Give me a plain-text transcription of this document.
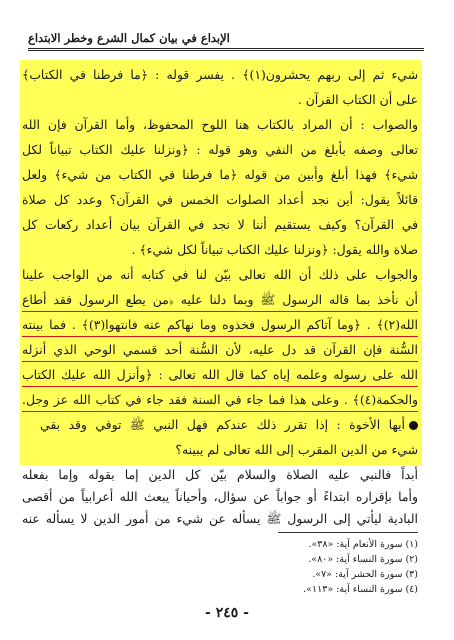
الإبداع في بيان كمال الشرع وخطر الابتداع
شيء ثم إلى ربهم يحشرون(١)﴾ . يفسر قوله : ﴿ما فرطنا في الكتاب﴾
على أن الكتاب القرآن .
والصواب : أن المراد بالكتاب هنا اللوح المحفوظ، وأما القرآن فإن الله
تعالى وصفه بأبلغ من النفي وهو قوله : ﴿ونزلنا عليك الكتاب تبياناً لكل
شيء﴾ فهذا أبلغ وأبين من قوله ﴿ما فرطنا في الكتاب من شيء﴾ ولعل
قائلاً يقول: أين نجد أعداد الصلوات الخمس في القرآن؟ وعدد كل صلاة
في القرآن؟ وكيف يستقيم أننا لا نجد في القرآن بيان أعداد ركعات كل
صلاة والله يقول: ﴿ونزلنا عليك الكتاب تبياناً لكل شيء﴾ .
والجواب على ذلك أن الله تعالى بيّن لنا في كتابه أنه من الواجب علينا
أن نأخذ بما قاله الرسول ﷺ وبما دلنا عليه ﴿من يطع الرسول فقد أطاع
الله(٢)﴾ . ﴿وما آتاكم الرسول فخذوه وما نهاكم عنه فانتهوا(٣)﴾ . فما بينته
السُّنة فإن القرآن قد دل عليه، لأن السُّنة أحد قسمي الوحي الذي أنزله
الله على رسوله وعلمه إياه كما قال الله تعالى : ﴿وأنزل الله عليك الكتاب
والحكمة(٤)﴾ . وعلى هذا فما جاء في السنة فقد جاء في كتاب الله عز وجل.
أيها الأخوة : إذا تقرر ذلك عندكم فهل النبي ﷺ توفي وقد بقي
شيء من الدين المقرب إلى الله تعالى لم يبينه؟
أبداً فالنبي عليه الصلاة والسلام بيّن كل الدين إما بقوله وإما بفعله
وأما بإقراره ابتداءً أو جواباً عن سؤال، وأحياناً يبعث الله أعرابياً من أقصى
البادية ليأتي إلى الرسول ﷺ يسأله عن شيء من أمور الدين لا يسأله عنه
(١) سورة الأنعام آية: «٣٨».
(٢) سورة النساء آية: «٨٠».
(٣) سورة الحشر آية: «٧».
(٤) سورة النساء آية: «١١٣».
- ٢٤٥ -
